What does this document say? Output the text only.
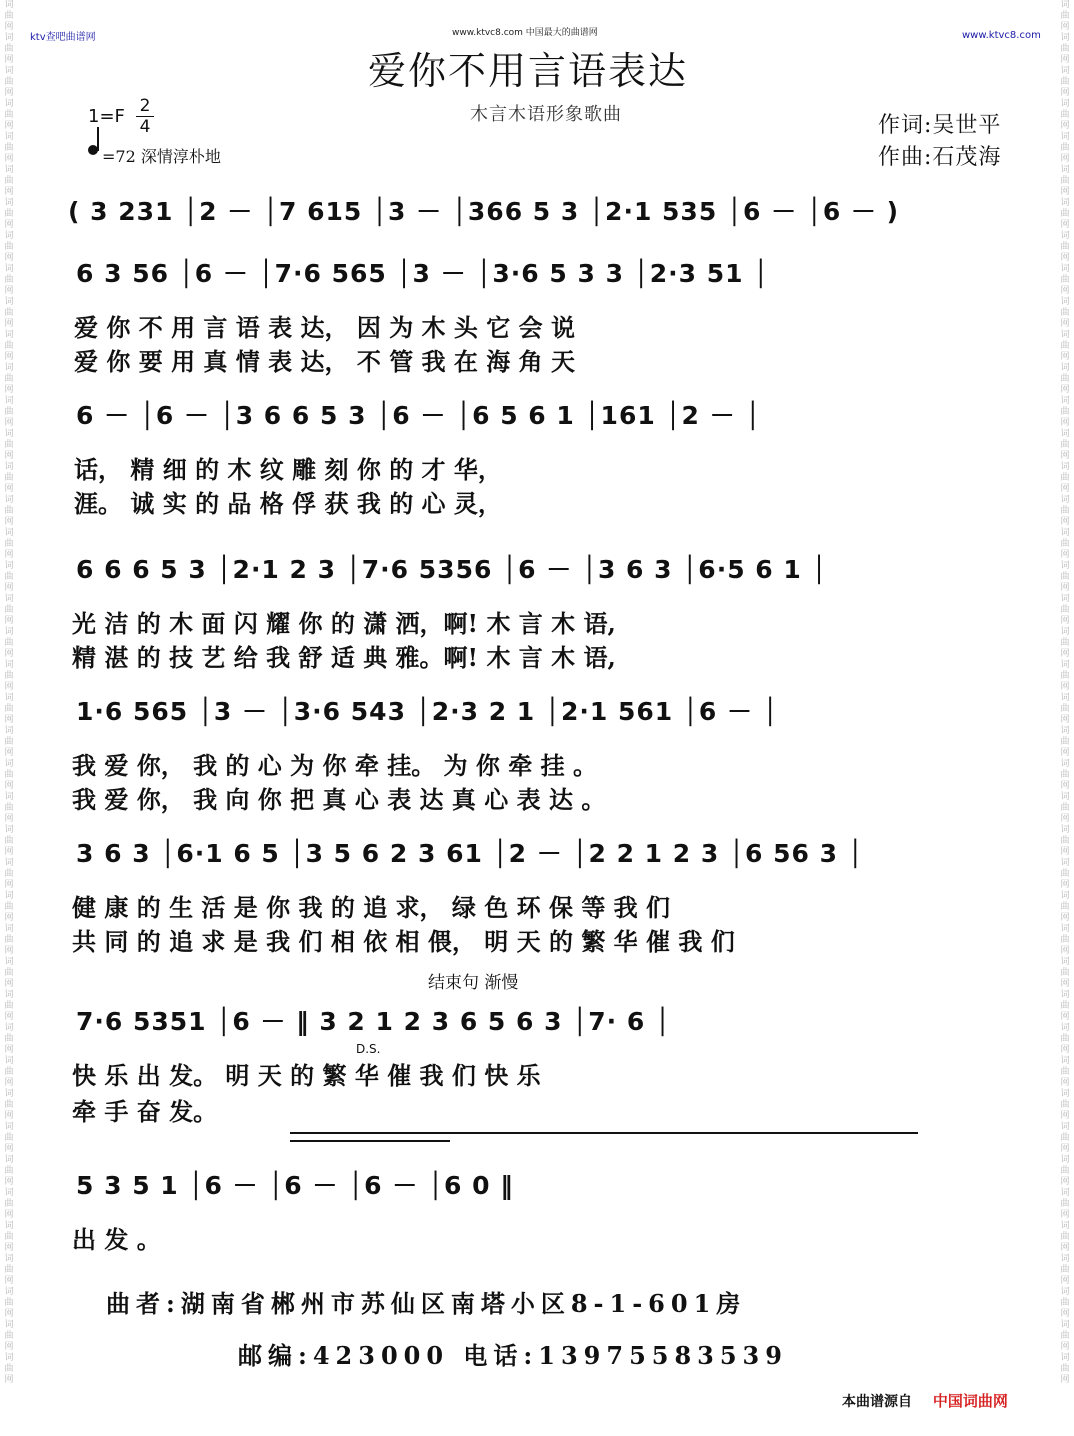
词
曲
网
词
曲
网
词
曲
网
词
曲
网
词
曲
网
词
曲
网
词
曲
网
词
曲
网
词
曲
网
词
曲
网
词
曲
网
词
曲
网
词
曲
网
词
曲
网
词
曲
网
词
曲
网
词
曲
网
词
曲
网
词
曲
网
词
曲
网
词
曲
网
词
曲
网
词
曲
网
词
曲
网
词
曲
网
词
曲
网
词
曲
网
词
曲
网
词
曲
网
词
曲
网
词
曲
网
词
曲
网
词
曲
网
词
曲
网
词
曲
网
词
曲
网
词
曲
网
词
曲
网
词
曲
网
词
曲
网
词
曲
网
词
曲
网
词
曲
网
词
曲
网
词
曲
网
词
曲
网
词
曲
网
词
曲
网
词
曲
网
词
曲
网
词
曲
网
词
曲
网
词
曲
网
词
曲
网
词
曲
网
词
曲
网
词
曲
网
词
曲
网
词
曲
网
词
曲
网
词
曲
网
词
曲
网
词
曲
网
词
曲
网
词
曲
网
词
曲
网
词
曲
网
词
曲
网
词
曲
网
词
曲
网
词
曲
网
词
曲
网
词
曲
网
词
曲
网
词
曲
网
词
曲
网
词
曲
网
词
曲
网
词
曲
网
词
曲
网
词
曲
网
词
曲
网
词
曲
网
词
曲
网
ktv查吧曲谱网	www.ktvc8.com 中国最大的曲谱网	www.ktvc8.com
爱你不用言语表达
木言木语形象歌曲
1=F 2
4
=72 深情淳朴地
作词:吴世平
作曲:石茂海
( 3 231 │2 － │7 615 │3 － │366 5 3 │2·1 535 │6 － │6 － )
6 3 56 │6 － │7·6 565 │3 － │3·6 5 3 3 │2·3 51 │
爱 你 不 用 言 语 表 达， 因 为 木 头 它 会 说
爱 你 要 用 真 情 表 达， 不 管 我 在 海 角 天
6 － │6 － │3 6 6 5 3 │6 － │6 5 6 1 │161 │2 － │
话， 精 细 的 木 纹 雕 刻 你 的 才 华，
涯。 诚 实 的 品 格 俘 获 我 的 心 灵，
6 6 6 5 3 │2·1 2 3 │7·6 5356 │6 － │3 6 3 │6·5 6 1 │
光 洁 的 木 面 闪 耀 你 的 潇 洒，啊! 木 言 木 语,
精 湛 的 技 艺 给 我 舒 适 典 雅。啊! 木 言 木 语,
1·6 565 │3 － │3·6 543 │2·3 2 1 │2·1 561 │6 － │
我 爱 你， 我 的 心 为 你 牵 挂。 为 你 牵 挂 。
我 爱 你， 我 向 你 把 真 心 表 达 真 心 表 达 。
3 6 3 │6·1 6 5 │3 5 6 2 3 61 │2 － │2 2 1 2 3 │6 56 3 │
健 康 的 生 活 是 你 我 的 追 求， 绿 色 环 保 等 我 们
共 同 的 追 求 是 我 们 相 依 相 偎， 明 天 的 繁 华 催 我 们
结束句 渐慢
7·6 5351 │6 － ‖ 3 2 1 2 3 6 5 6 3 │7· 6 │
D.S.
快 乐 出 发。 明 天 的 繁 华 催 我 们 快 乐
牵 手 奋 发。
5 3 5 1 │6 － │6 － │6 － │6 0 ‖
出 发 。
曲者:湖南省郴州市苏仙区南塔小区8-1-601房
邮编:423000 电话:13975583539
本曲谱源自 中国词曲网
